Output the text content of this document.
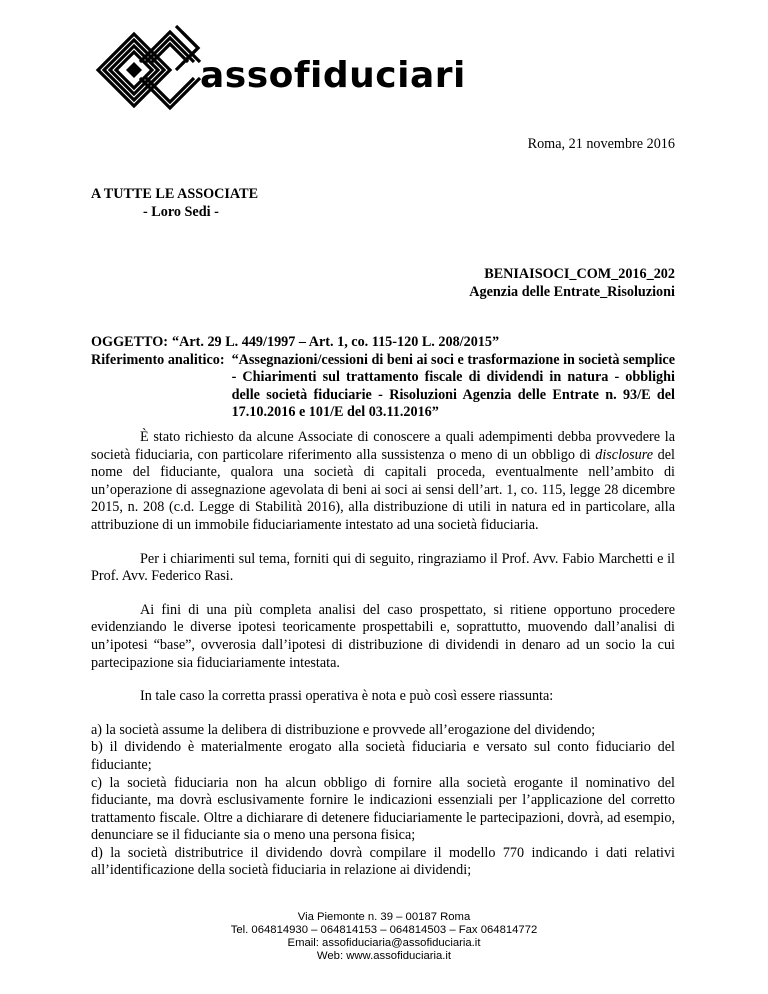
assofiduciaria
Roma, 21 novembre 2016
A TUTTE LE ASSOCIATE
- Loro Sedi -
BENIAISOCI_COM_2016_202
Agenzia delle Entrate_Risoluzioni
OGGETTO: “Art. 29 L. 449/1997 – Art. 1, co. 115-120 L. 208/2015”
Riferimento analitico: “Assegnazioni/cessioni di beni ai soci e trasformazione in società semplice - Chiarimenti sul trattamento fiscale di dividendi in natura - obblighi delle società fiduciarie - Risoluzioni Agenzia delle Entrate n. 93/E del 17.10.2016 e 101/E del 03.11.2016”

È stato richiesto da alcune Associate di conoscere a quali adempimenti debba provvedere la società fiduciaria, con particolare riferimento alla sussistenza o meno di un obbligo di disclosure del nome del fiduciante, qualora una società di capitali proceda, eventualmente nell’ambito di un’operazione di assegnazione agevolata di beni ai soci ai sensi dell’art. 1, co. 115, legge 28 dicembre 2015, n. 208 (c.d. Legge di Stabilità 2016), alla distribuzione di utili in natura ed in particolare, alla attribuzione di un immobile fiduciariamente intestato ad una società fiduciaria.

Per i chiarimenti sul tema, forniti qui di seguito, ringraziamo il Prof. Avv. Fabio Marchetti e il Prof. Avv. Federico Rasi.

Ai fini di una più completa analisi del caso prospettato, si ritiene opportuno procedere evidenziando le diverse ipotesi teoricamente prospettabili e, soprattutto, muovendo dall’analisi di un’ipotesi “base”, ovverosia dall’ipotesi di distribuzione di dividendi in denaro ad un socio la cui partecipazione sia fiduciariamente intestata.

In tale caso la corretta prassi operativa è nota e può così essere riassunta:

a) la società assume la delibera di distribuzione e provvede all’erogazione del dividendo;
b) il dividendo è materialmente erogato alla società fiduciaria e versato sul conto fiduciario del fiduciante;
c) la società fiduciaria non ha alcun obbligo di fornire alla società erogante il nominativo del fiduciante, ma dovrà esclusivamente fornire le indicazioni essenziali per l’applicazione del corretto trattamento fiscale. Oltre a dichiarare di detenere fiduciariamente le partecipazioni, dovrà, ad esempio, denunciare se il fiduciante sia o meno una persona fisica;
d) la società distributrice il dividendo dovrà compilare il modello 770 indicando i dati relativi all’identificazione della società fiduciaria in relazione ai dividendi;
Via Piemonte n. 39 – 00187 Roma
Tel. 064814930 – 064814153 – 064814503 – Fax 064814772
Email: assofiduciaria@assofiduciaria.it
Web: www.assofiduciaria.it
